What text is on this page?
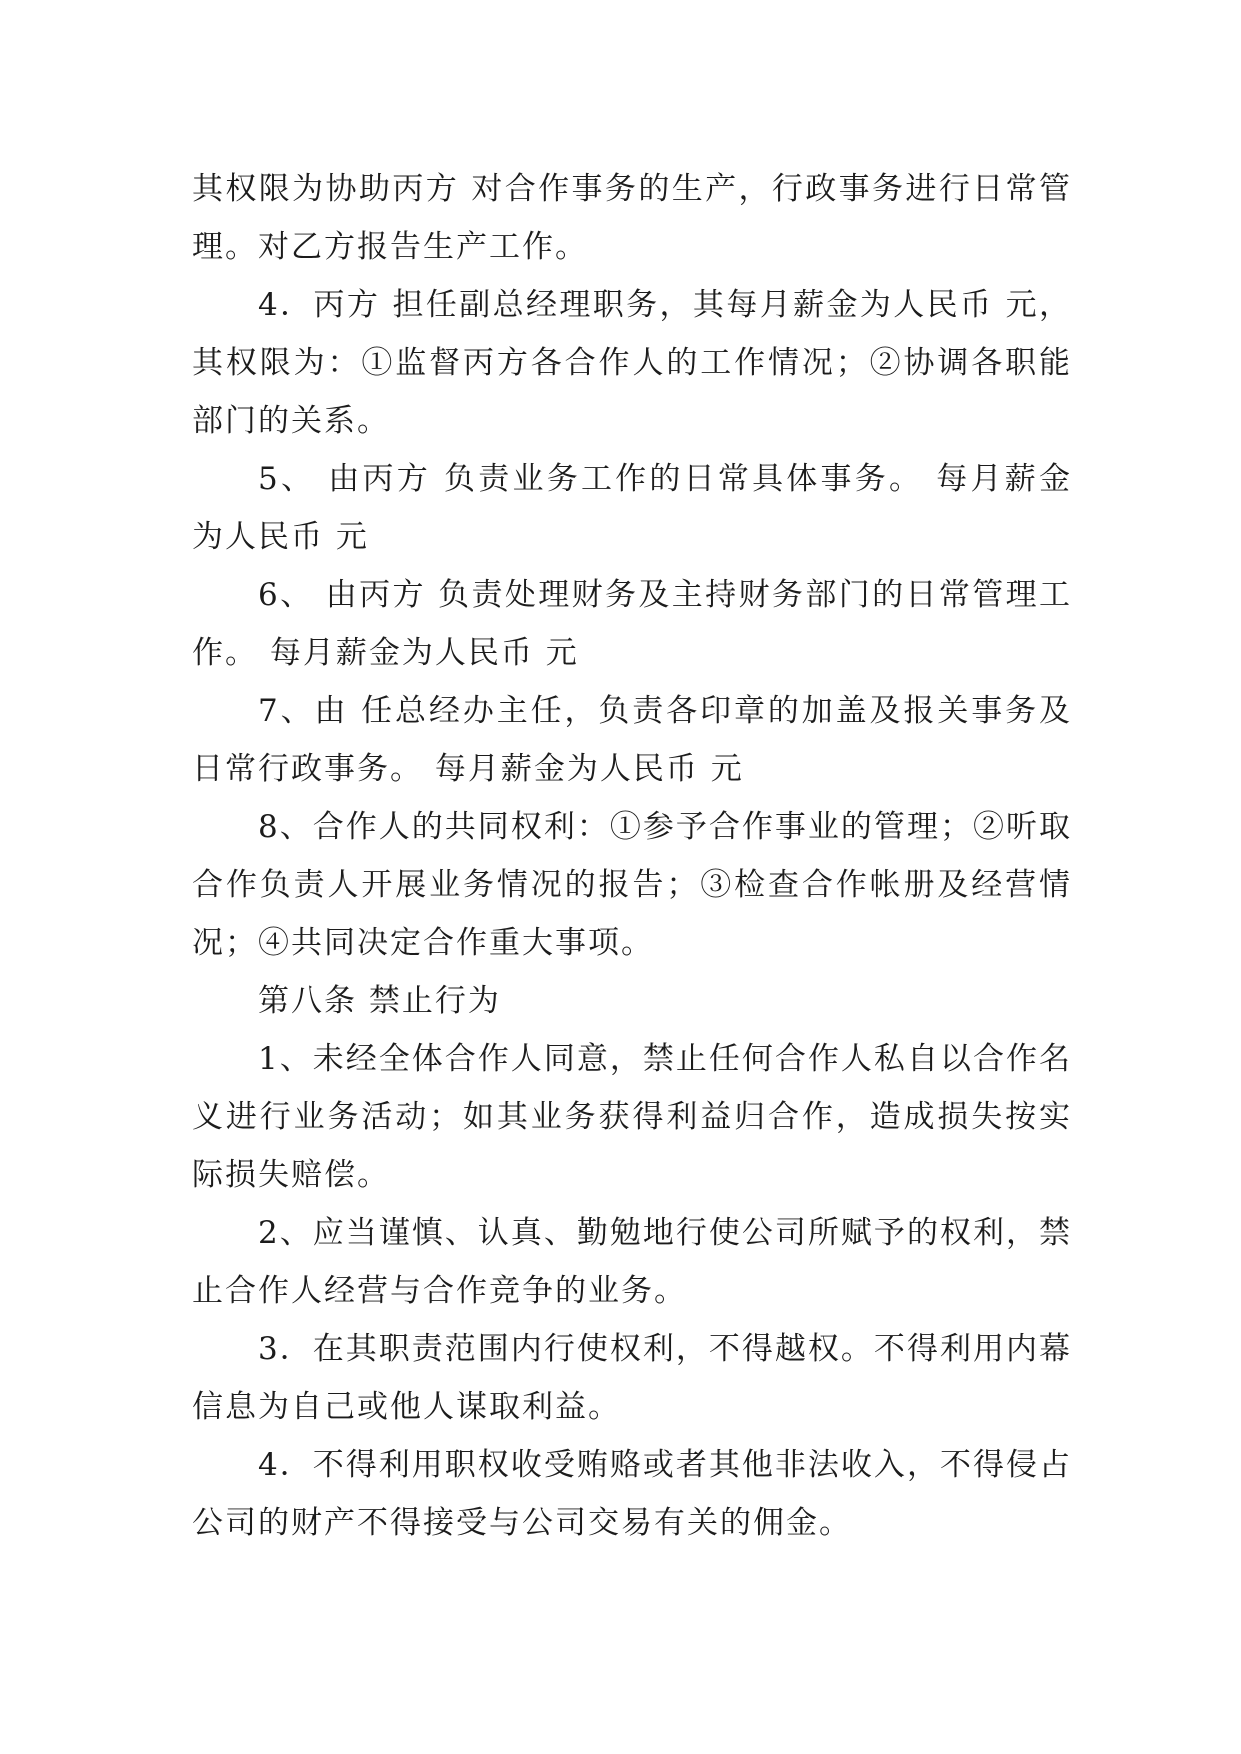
其权限为协助丙方 对合作事务的生产，行政事务进行日常管理。对乙方报告生产工作。

4．丙方 担任副总经理职务，其每月薪金为人民币 元，其权限为：①监督丙方各合作人的工作情况；②协调各职能部门的关系。

5、 由丙方 负责业务工作的日常具体事务。 每月薪金为人民币 元

6、 由丙方 负责处理财务及主持财务部门的日常管理工作。 每月薪金为人民币 元

7、由 任总经办主任，负责各印章的加盖及报关事务及日常行政事务。 每月薪金为人民币 元

8、合作人的共同权利：①参予合作事业的管理；②听取合作负责人开展业务情况的报告；③检查合作帐册及经营情况；④共同决定合作重大事项。

第八条 禁止行为

1、未经全体合作人同意，禁止任何合作人私自以合作名义进行业务活动；如其业务获得利益归合作，造成损失按实际损失赔偿。

2、应当谨慎、认真、勤勉地行使公司所赋予的权利，禁止合作人经营与合作竞争的业务。

3．在其职责范围内行使权利，不得越权。不得利用内幕信息为自己或他人谋取利益。

4．不得利用职权收受贿赂或者其他非法收入，不得侵占公司的财产不得接受与公司交易有关的佣金。
